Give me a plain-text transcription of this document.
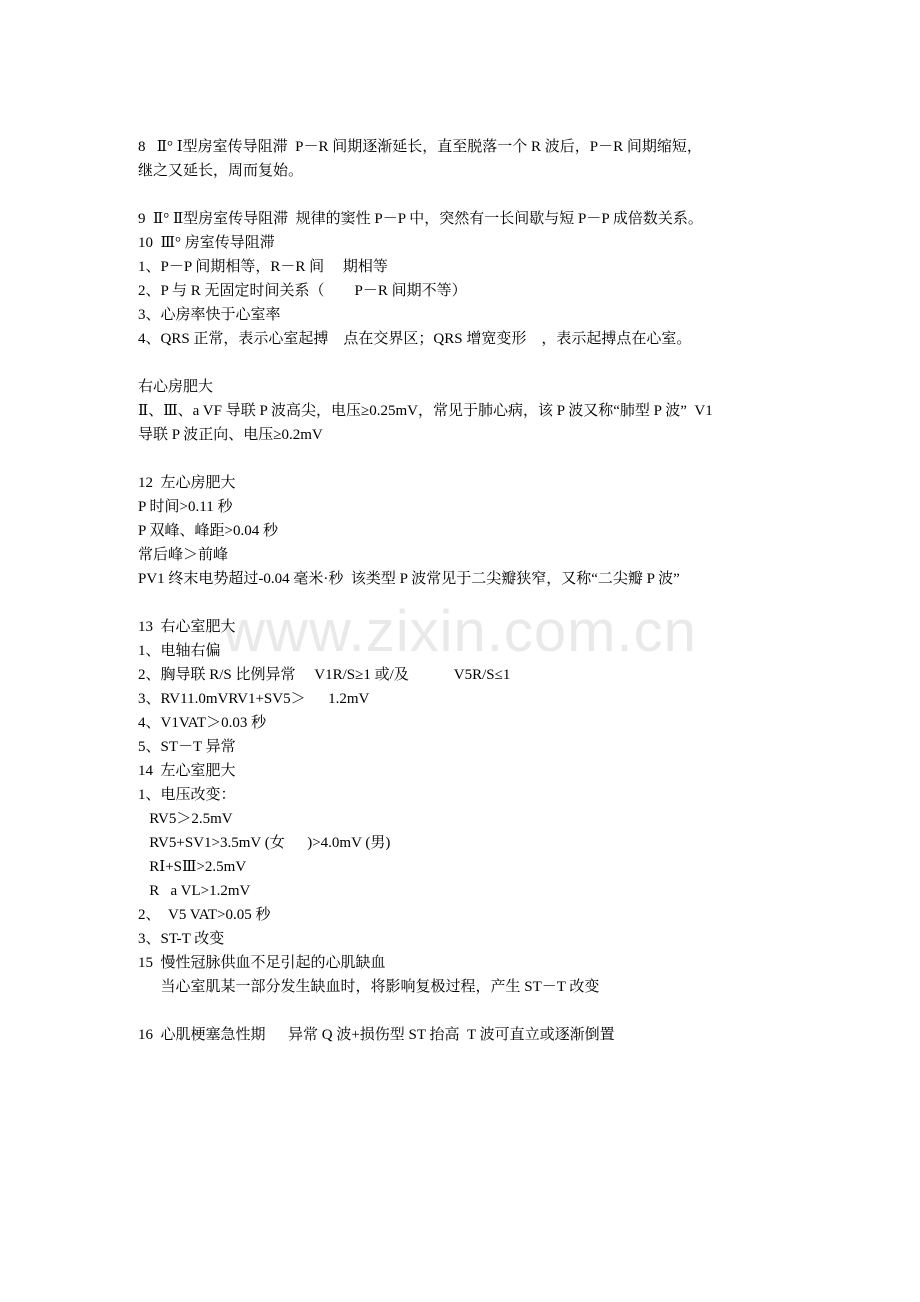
www.zixin.com.cn
8   Ⅱ° Ⅰ型房室传导阻滞  P－R 间期逐渐延长，直至脱落一个 R 波后，P－R 间期缩短，
继之又延长，周而复始。
9  Ⅱ° Ⅱ型房室传导阻滞  规律的窦性 P－P 中，突然有一长间歇与短 P－P 成倍数关系。
10  Ⅲ° 房室传导阻滞
1、P－P 间期相等，R－R 间     期相等
2、P 与 R 无固定时间关系（        P－R 间期不等）
3、心房率快于心室率
4、QRS 正常，表示心室起搏    点在交界区；QRS 增宽变形    ，表示起搏点在心室。
右心房肥大
Ⅱ、Ⅲ、a VF 导联 P 波高尖，电压≥0.25mV，常见于肺心病，该 P 波又称“肺型 P 波”  V1
导联 P 波正向、电压≥0.2mV
12  左心房肥大
P 时间>0.11 秒
P 双峰、峰距>0.04 秒
常后峰＞前峰
PV1 终末电势超过-0.04 毫米·秒  该类型 P 波常见于二尖瓣狭窄，又称“二尖瓣 P 波”
13  右心室肥大
1、电轴右偏
2、胸导联 R/S 比例异常     V1R/S≥1 或/及            V5R/S≤1
3、RV11.0mVRV1+SV5＞      1.2mV
4、V1VAT＞0.03 秒
5、ST－T 异常
14  左心室肥大
1、电压改变：
RV5＞2.5mV
RV5+SV1>3.5mV (女      )>4.0mV (男)
RⅠ+SⅢ>2.5mV
R   a VL>1.2mV
2、  V5 VAT>0.05 秒
3、ST-T 改变
15  慢性冠脉供血不足引起的心肌缺血
当心室肌某一部分发生缺血时，将影响复极过程，产生 ST－T 改变
16  心肌梗塞急性期      异常 Q 波+损伤型 ST 抬高  T 波可直立或逐渐倒置
